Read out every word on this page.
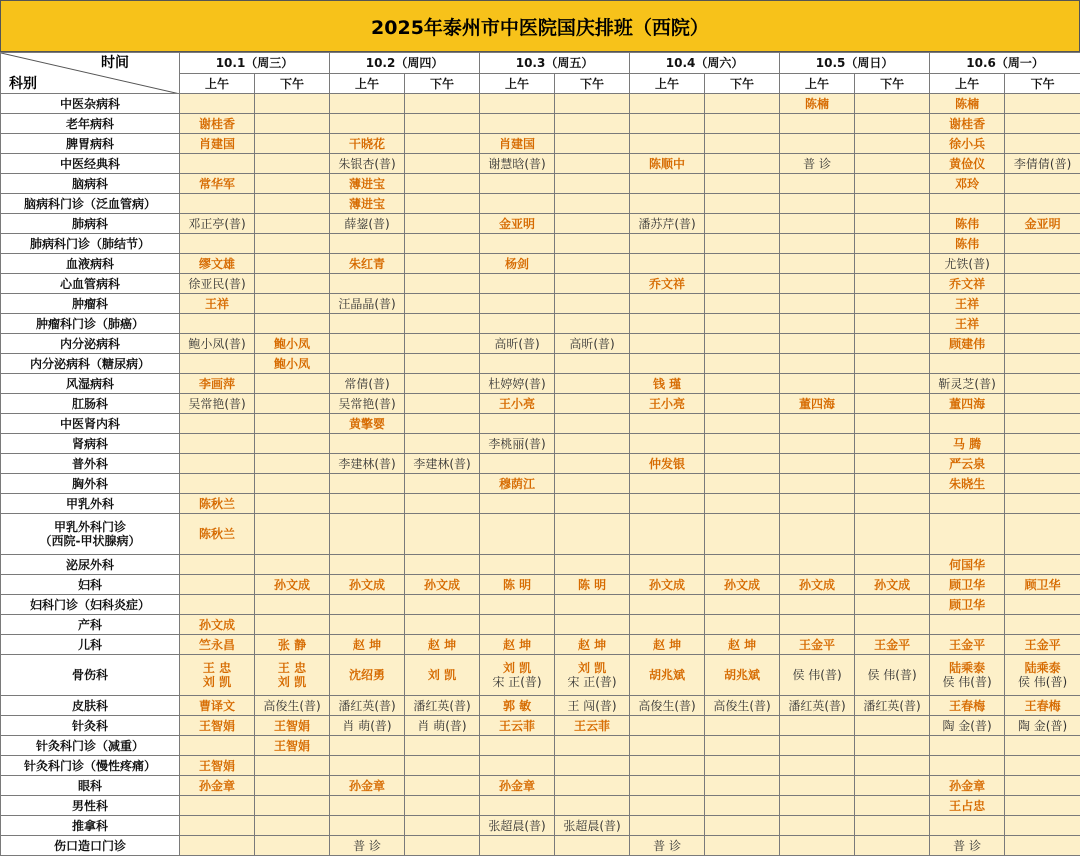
2025年泰州市中医院国庆排班（西院）
时间
科别	10.1（周三）		10.2（周四）		10.3（周五）		10.4（周六）		10.5（周日）		10.6（周一）	
	上午	下午	上午	下午	上午	下午	上午	下午	上午	下午	上午	下午

中医杂病科									陈楠		陈楠	

老年病科	谢桂香										谢桂香	

脾胃病科	肖建国		干晓花		肖建国						徐小兵	

中医经典科			朱银杏(普)		谢慧晗(普)		陈顺中		普 诊		黄俭仪	李倩倩(普)

脑病科	常华军		薄进宝								邓玲	

脑病科门诊（泛血管病）			薄进宝									

肺病科	邓正亭(普)		薛鋆(普)		金亚明		潘苏芹(普)				陈伟	金亚明

肺病科门诊（肺结节）											陈伟	

血液病科	缪文雄		朱红青		杨剑						尤铁(普)	

心血管病科	徐亚民(普)						乔文祥				乔文祥	

肿瘤科	王祥		汪晶晶(普)								王祥	

肿瘤科门诊（肺癌）											王祥	

内分泌病科	鲍小凤(普)	鲍小凤			高昕(普)	高昕(普)					顾建伟	

内分泌病科（糖尿病）		鲍小凤										

风湿病科	李画萍		常倩(普)		杜婷婷(普)		钱 瑾				靳灵芝(普)	

肛肠科	吴常艳(普)		吴常艳(普)		王小亮		王小亮		董四海		董四海	

中医肾内科			黄擎婴									

肾病科					李桃丽(普)						马 腾	

普外科			李建林(普)	李建林(普)			仲发银				严云泉	

胸外科					穆荫江						朱晓生	

甲乳外科	陈秋兰											

甲乳外科门诊
（西院-甲状腺病）	陈秋兰											

泌尿外科											何国华	

妇科		孙文成	孙文成	孙文成	陈 明	陈 明	孙文成	孙文成	孙文成	孙文成	顾卫华	顾卫华

妇科门诊（妇科炎症）											顾卫华	

产科	孙文成											

儿科	竺永昌	张 静	赵 坤	赵 坤	赵 坤	赵 坤	赵 坤	赵 坤	王金平	王金平	王金平	王金平

骨伤科	王 忠
刘 凯	王 忠
刘 凯	沈绍勇	刘 凯	刘 凯
宋 正(普)	刘 凯
宋 正(普)	胡兆斌	胡兆斌	侯 伟(普)	侯 伟(普)	陆乘泰
侯 伟(普)	陆乘泰
侯 伟(普)

皮肤科	曹译文	高俊生(普)	潘红英(普)	潘红英(普)	郭 敏	王 闯(普)	高俊生(普)	高俊生(普)	潘红英(普)	潘红英(普)	王春梅	王春梅

针灸科	王智娟	王智娟	肖 萌(普)	肖 萌(普)	王云菲	王云菲					陶 金(普)	陶 金(普)

针灸科门诊（减重）		王智娟										

针灸科门诊（慢性疼痛）	王智娟											

眼科	孙金章		孙金章		孙金章						孙金章	

男性科											王占忠	

推拿科					张超晨(普)	张超晨(普)						

伤口造口门诊			普 诊				普 诊				普 诊	
